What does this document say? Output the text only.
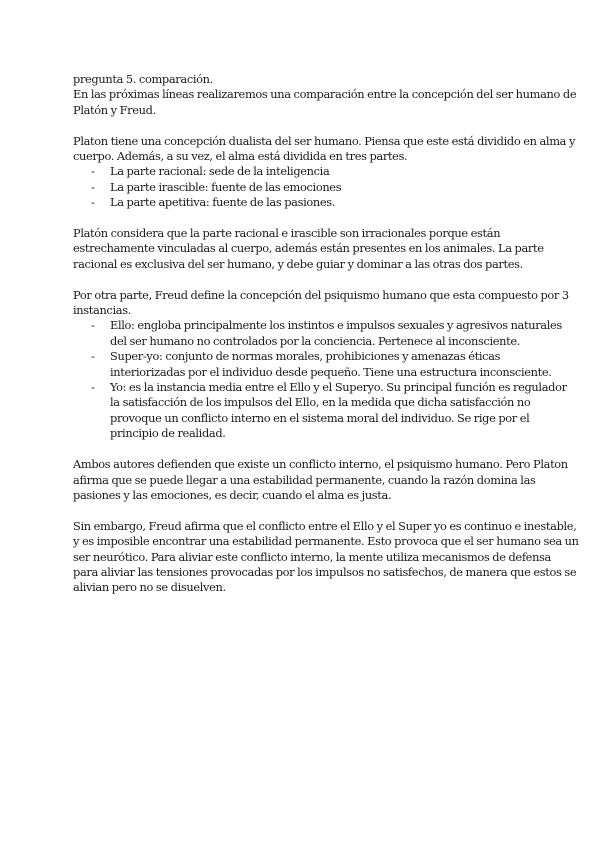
pregunta 5. comparación.
En las próximas líneas realizaremos una comparación entre la concepción del ser humano de
Platón y Freud.
Platon tiene una concepción dualista del ser humano. Piensa que este está dividido en alma y
cuerpo. Además, a su vez, el alma está dividida en tres partes.
- La parte racional: sede de la inteligencia
- La parte irascible: fuente de las emociones
- La parte apetitiva: fuente de las pasiones.
Platón considera que la parte racional e irascible son irracionales porque están
estrechamente vinculadas al cuerpo, además están presentes en los animales. La parte
racional es exclusiva del ser humano, y debe guiar y dominar a las otras dos partes.
Por otra parte, Freud define la concepción del psiquismo humano que esta compuesto por 3
instancias.
- Ello: engloba principalmente los instintos e impulsos sexuales y agresivos naturales
del ser humano no controlados por la conciencia. Pertenece al inconsciente.
- Super-yo: conjunto de normas morales, prohibiciones y amenazas éticas
interiorizadas por el individuo desde pequeño. Tiene una estructura inconsciente.
- Yo: es la instancia media entre el Ello y el Superyo. Su principal función es regulador
la satisfacción de los impulsos del Ello, en la medida que dicha satisfacción no
provoque un conflicto interno en el sistema moral del individuo. Se rige por el
principio de realidad.
Ambos autores defienden que existe un conflicto interno, el psiquismo humano. Pero Platon
afirma que se puede llegar a una estabilidad permanente, cuando la razón domina las
pasiones y las emociones, es decir, cuando el alma es justa.
Sin embargo, Freud afirma que el conflicto entre el Ello y el Super yo es continuo e inestable,
y es imposible encontrar una estabilidad permanente. Esto provoca que el ser humano sea un
ser neurótico. Para aliviar este conflicto interno, la mente utiliza mecanismos de defensa
para aliviar las tensiones provocadas por los impulsos no satisfechos, de manera que estos se
alivian pero no se disuelven.
